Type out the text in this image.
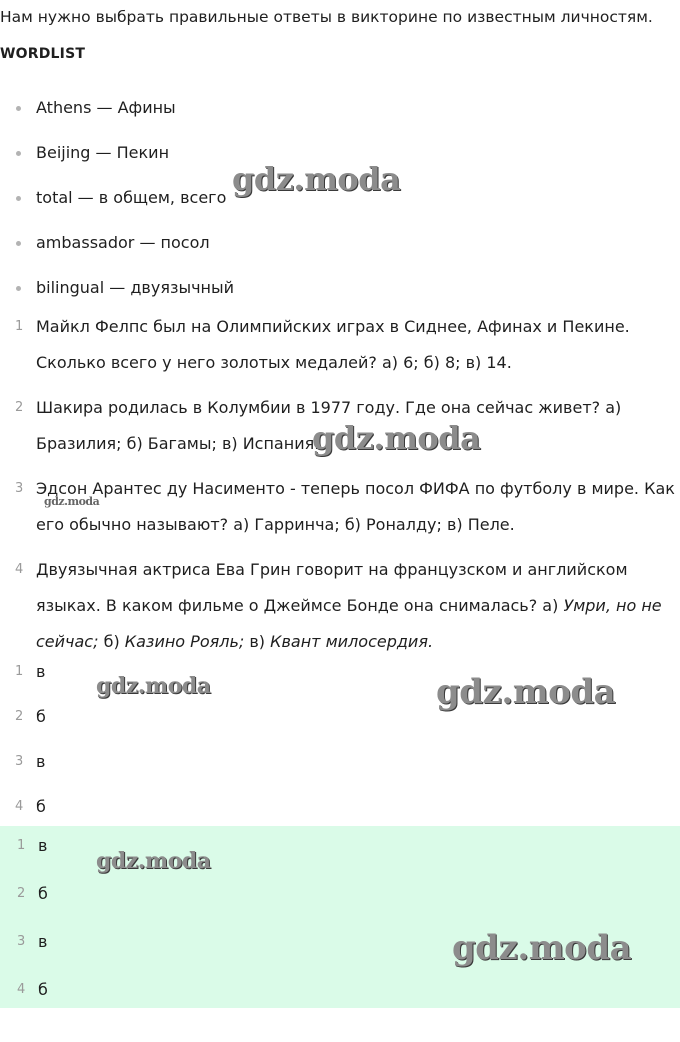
Нам нужно выбрать правильные ответы в викторине по известным личностям.
WORDLIST
Athens — Афины
Beijing — Пекин
total — в общем, всего
ambassador — посол
bilingual — двуязычный
1 Майкл Фелпс был на Олимпийских играх в Сиднее, Афинах и Пекине. Сколько всего у него золотых медалей? а) 6; б) 8; в) 14.
2 Шакира родилась в Колумбии в 1977 году. Где она сейчас живет? а) Бразилия; б) Багамы; в) Испания.
3 Эдсон Арантес ду Насименто - теперь посол ФИФА по футболу в мире. Как его обычно называют? а) Гарринча; б) Роналду; в) Пеле.
4 Двуязычная актриса Ева Грин говорит на французском и английском языках. В каком фильме о Джеймсе Бонде она снималась? а) Умри, но не сейчас; б) Казино Рояль; в) Квант милосердия.
1 в
2 б
3 в
4 б
1 в
2 б
3 в
4 б
gdz.moda
gdz.moda
gdz.moda
gdz.moda	gdz.moda
gdz.moda
gdz.moda
